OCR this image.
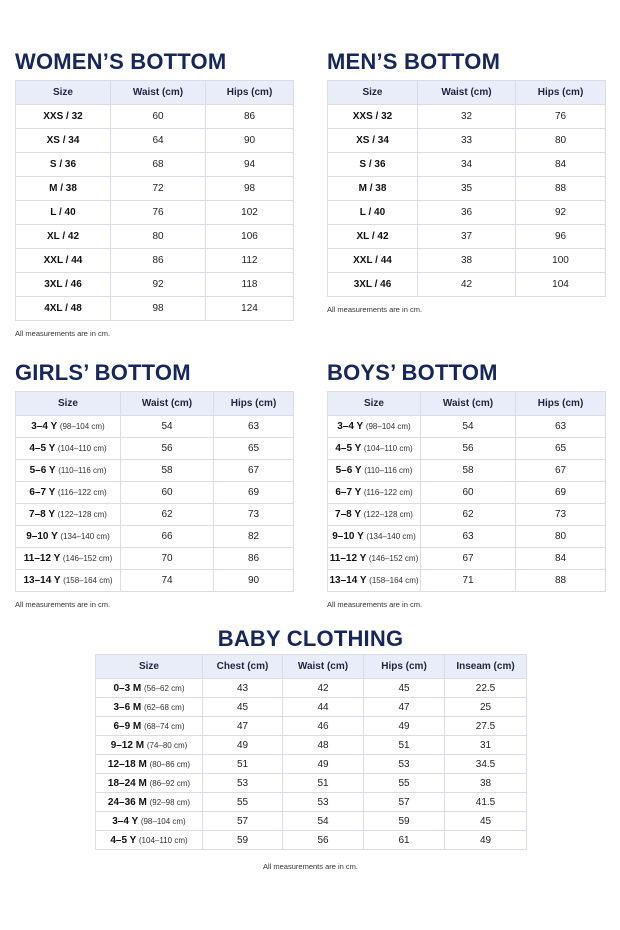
WOMEN’S BOTTOM
Size	Waist (cm)	Hips (cm)
XXS / 32	60	86
XS / 34	64	90
S / 36	68	94
M / 38	72	98
L / 40	76	102
XL / 42	80	106
XXL / 44	86	112
3XL / 46	92	118
4XL / 48	98	124
All measurements are in cm.
MEN’S BOTTOM
Size	Waist (cm)	Hips (cm)
XXS / 32	32	76
XS / 34	33	80
S / 36	34	84
M / 38	35	88
L / 40	36	92
XL / 42	37	96
XXL / 44	38	100
3XL / 46	42	104
All measurements are in cm.
GIRLS’ BOTTOM
Size	Waist (cm)	Hips (cm)
3–4 Y (98–104 cm)	54	63
4–5 Y (104–110 cm)	56	65
5–6 Y (110–116 cm)	58	67
6–7 Y (116–122 cm)	60	69
7–8 Y (122–128 cm)	62	73
9–10 Y (134–140 cm)	66	82
11–12 Y (146–152 cm)	70	86
13–14 Y (158–164 cm)	74	90
All measurements are in cm.
BOYS’ BOTTOM
Size	Waist (cm)	Hips (cm)
3–4 Y (98–104 cm)	54	63
4–5 Y (104–110 cm)	56	65
5–6 Y (110–116 cm)	58	67
6–7 Y (116–122 cm)	60	69
7–8 Y (122–128 cm)	62	73
9–10 Y (134–140 cm)	63	80
11–12 Y (146–152 cm)	67	84
13–14 Y (158–164 cm)	71	88
All measurements are in cm.
BABY CLOTHING
Size	Chest (cm)	Waist (cm)	Hips (cm)	Inseam (cm)
0–3 M (56–62 cm)	43	42	45	22.5
3–6 M (62–68 cm)	45	44	47	25
6–9 M (68–74 cm)	47	46	49	27.5
9–12 M (74–80 cm)	49	48	51	31
12–18 M (80–86 cm)	51	49	53	34.5
18–24 M (86–92 cm)	53	51	55	38
24–36 M (92–98 cm)	55	53	57	41.5
3–4 Y (98–104 cm)	57	54	59	45
4–5 Y (104–110 cm)	59	56	61	49
All measurements are in cm.
